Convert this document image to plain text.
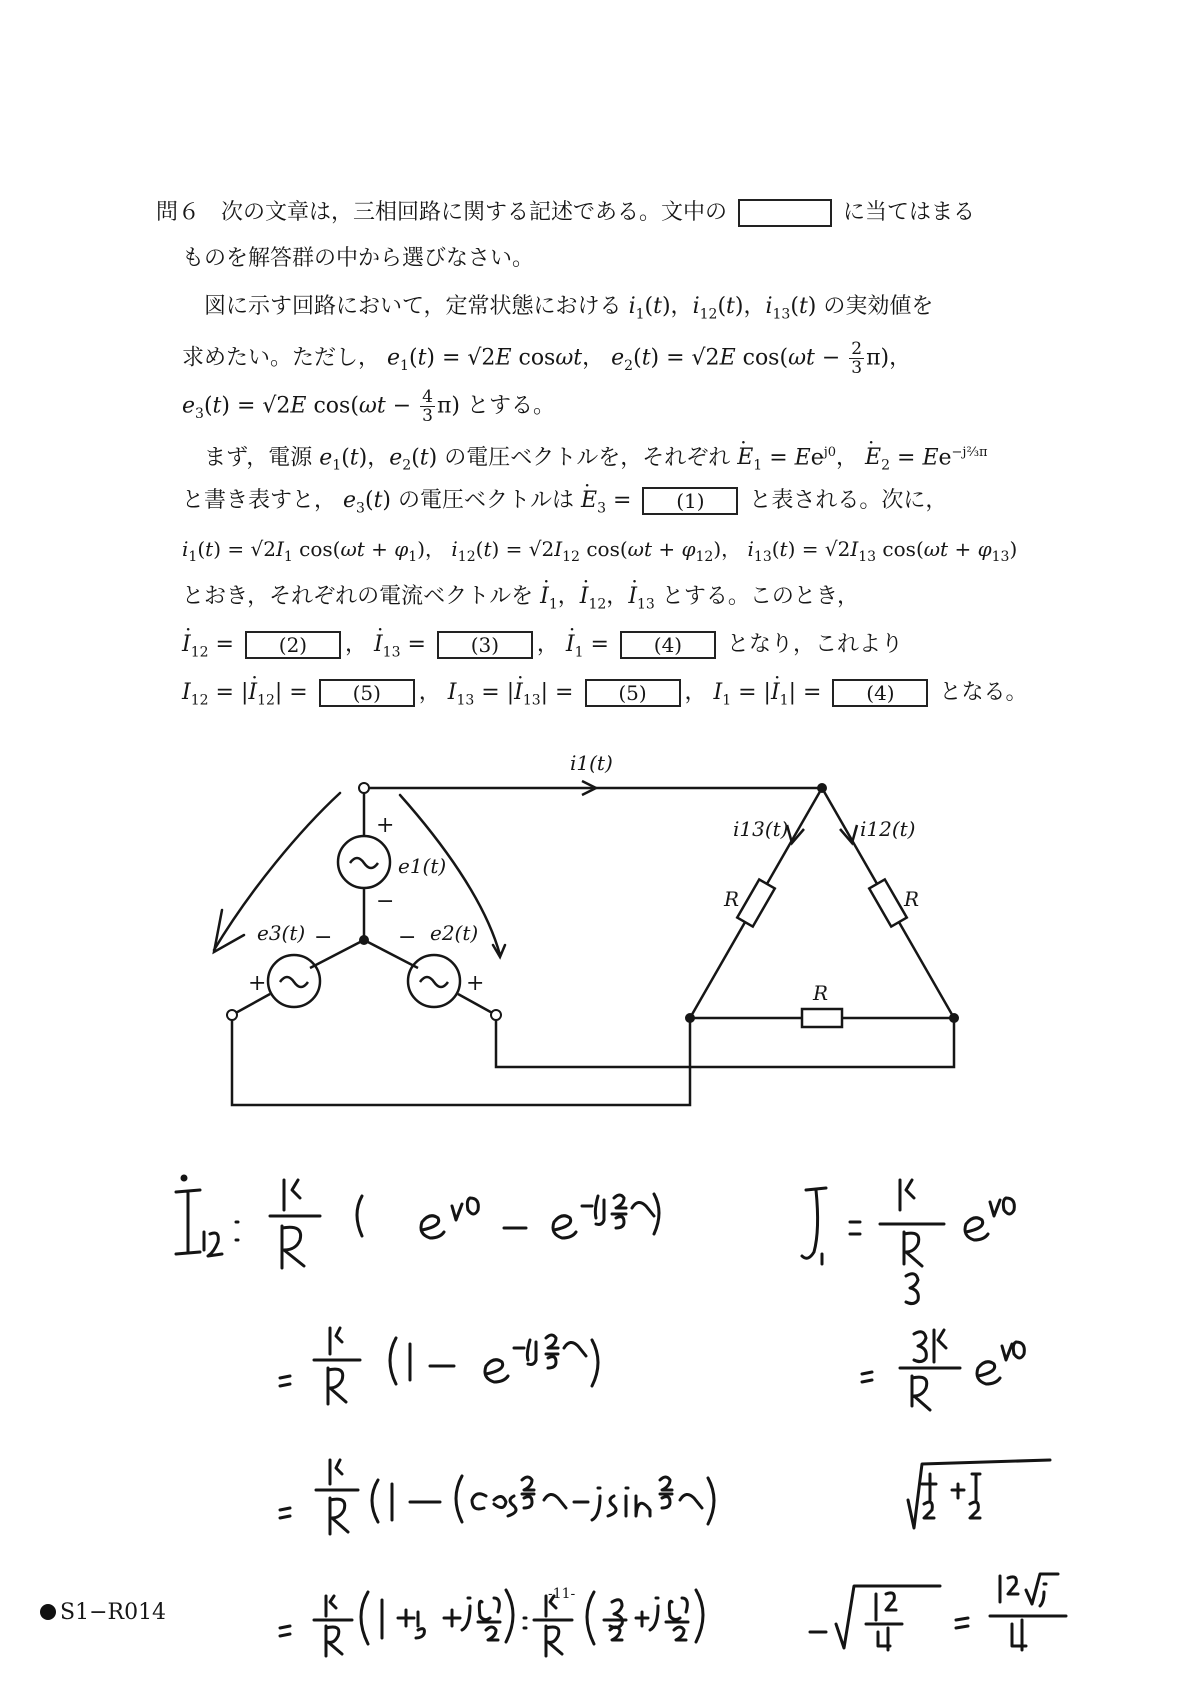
問６ 次の文章は，三相回路に関する記述である。文中の	に当てはまる
ものを解答群の中から選びなさい。
図に示す回路において，定常状態における $i_1(t)$，$i_{12}(t)$，$i_{13}(t)$ の実効値を
求めたい。ただし， $e_1(t) = √2E$ cosωt， $e_2(t) = √2E$ cos⁡(ωt − $\frac{2}{3} \pi$)，
$e_3(t) = √2E$ $\cos(\omega t - \frac{4}{3} \pi)$ とする。
まず，電源 $e_1(t)$，$e_2(t)$ の電圧ベクトルを，それぞれ · $E_1 = Ee^{j0}$， · $E_2 = Ee^{-j\frac{2}{3}\pi}$
と書き表すと， $e_3(t)$ の電圧ベクトルは · $E_3 = (1)$ と表される。次に，
$i_1(t) = √2I_1$ $\cos(\omega t + \varphi_1)$， $i_{12}(t) = √2I_{12}$ $\cos(\omega t + \varphi_{12})$， $i_{13}(t) = √2I_{13}$ $\cos(\omega t + \varphi_{13})$
とおき，それぞれの電流ベクトルを · $I_1$，· $I_{12}$，· $I_{13}$ とする。このとき，
· $I_{12} = (2)$ ， · $I_{13} = (3)$ ， · $I_1 = (4)$ となり，これより
$I_{12}$ = |· $I_{12}| = (5)$ ， $I_{13}$ = |· $I_{13}| = (5)$ ， $I_1$ = |· $I_1| = (4)$ となる。
i1(t)
i13(t)	i12(t)
R	R
R
e1(t)
e2(t)
e3(t)
+
−
−
+
−
+
S1−R014
-11-
